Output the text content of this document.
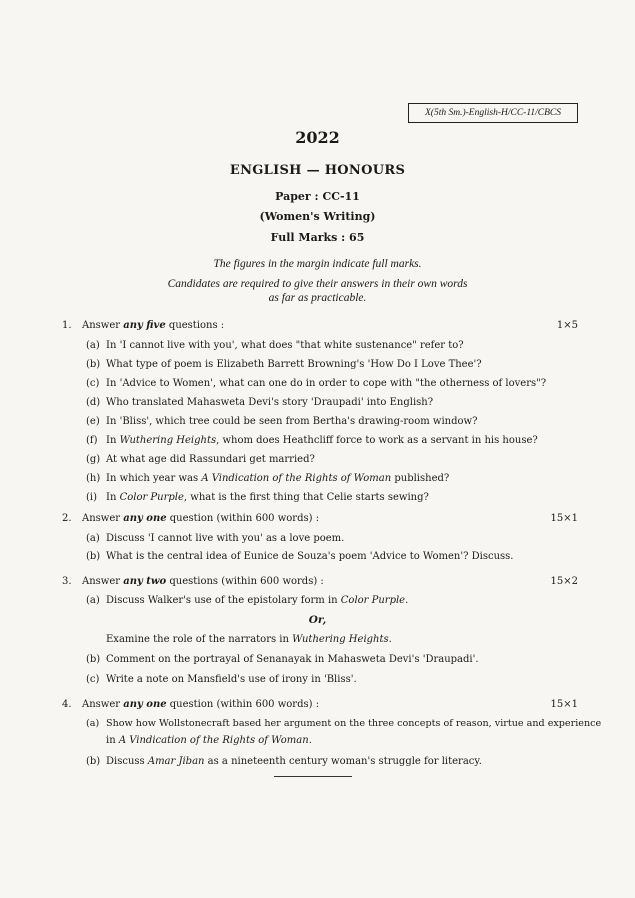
X(5th Sm.)-English-H/CC-11/CBCS
2022
ENGLISH — HONOURS
Paper : CC-11
(Women's Writing)
Full Marks : 65
The figures in the margin indicate full marks.
Candidates are required to give their answers in their own words
as far as practicable.
1. Answer any five questions :	1×5
(a) In 'I cannot live with you', what does "that white sustenance" refer to?
(b) What type of poem is Elizabeth Barrett Browning's 'How Do I Love Thee'?
(c) In 'Advice to Women', what can one do in order to cope with "the otherness of lovers"?
(d) Who translated Mahasweta Devi's story 'Draupadi' into English?
(e) In 'Bliss', which tree could be seen from Bertha's drawing-room window?
(f) In Wuthering Heights, whom does Heathcliff force to work as a servant in his house?
(g) At what age did Rassundari get married?
(h) In which year was A Vindication of the Rights of Woman published?
(i) In Color Purple, what is the first thing that Celie starts sewing?
2. Answer any one question (within 600 words) :	15×1
(a) Discuss 'I cannot live with you' as a love poem.
(b) What is the central idea of Eunice de Souza's poem 'Advice to Women'? Discuss.
3. Answer any two questions (within 600 words) :	15×2
(a) Discuss Walker's use of the epistolary form in Color Purple.
Or,
Examine the role of the narrators in Wuthering Heights.
(b) Comment on the portrayal of Senanayak in Mahasweta Devi's 'Draupadi'.
(c) Write a note on Mansfield's use of irony in 'Bliss'.
4. Answer any one question (within 600 words) :	15×1
(a) Show how Wollstonecraft based her argument on the three concepts of reason, virtue and experience
in A Vindication of the Rights of Woman.
(b) Discuss Amar Jiban as a nineteenth century woman's struggle for literacy.
